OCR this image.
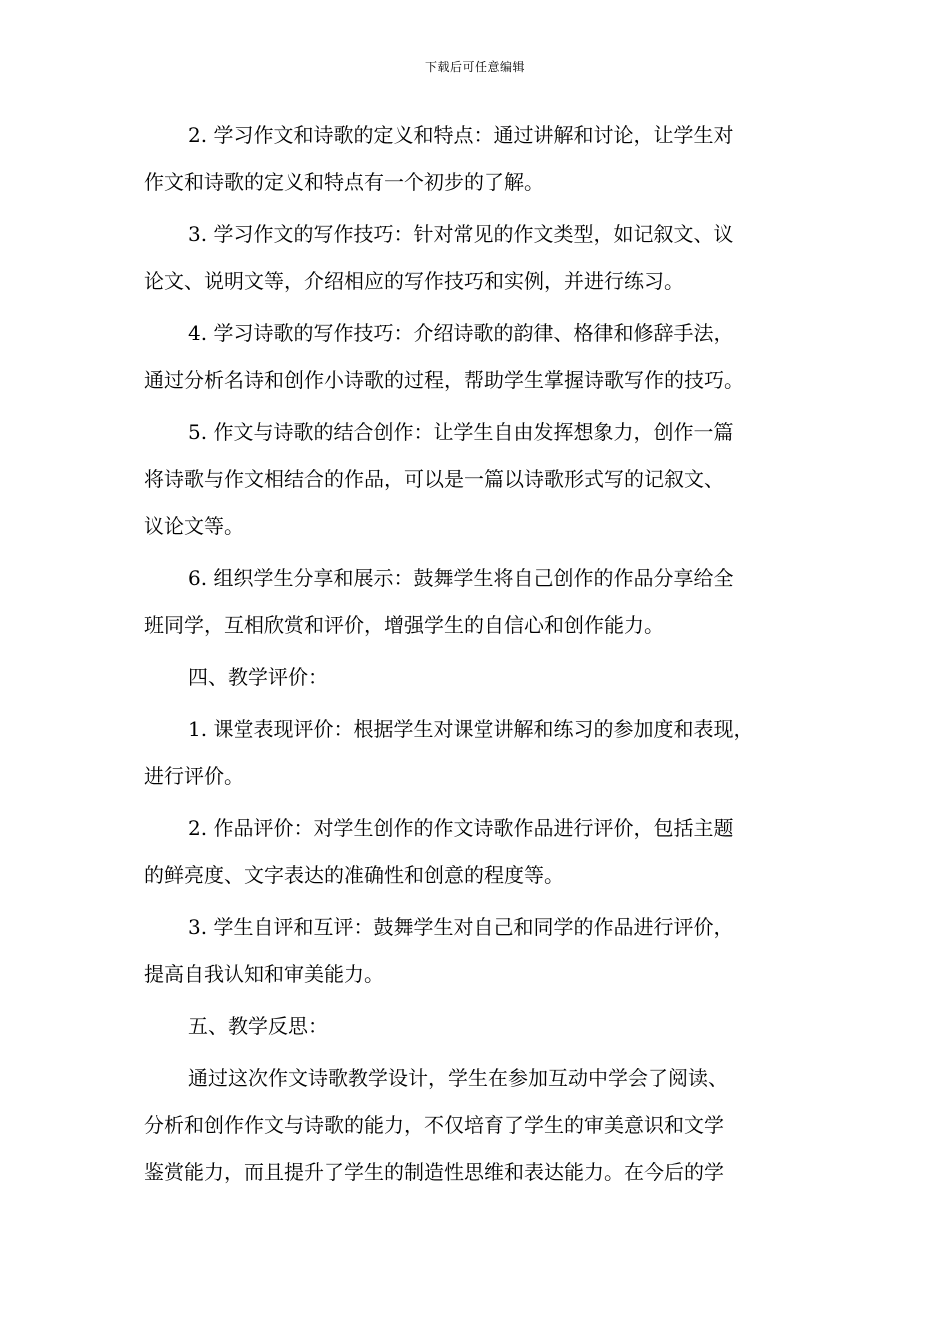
下载后可任意编辑

2. 学习作文和诗歌的定义和特点：通过讲解和讨论，让学生对
作文和诗歌的定义和特点有一个初步的了解。

3. 学习作文的写作技巧：针对常见的作文类型，如记叙文、议
论文、说明文等，介绍相应的写作技巧和实例，并进行练习。

4. 学习诗歌的写作技巧：介绍诗歌的韵律、格律和修辞手法，
通过分析名诗和创作小诗歌的过程，帮助学生掌握诗歌写作的技巧。

5. 作文与诗歌的结合创作：让学生自由发挥想象力，创作一篇
将诗歌与作文相结合的作品，可以是一篇以诗歌形式写的记叙文、
议论文等。

6. 组织学生分享和展示：鼓舞学生将自己创作的作品分享给全
班同学，互相欣赏和评价，增强学生的自信心和创作能力。

四、教学评价：

1. 课堂表现评价：根据学生对课堂讲解和练习的参加度和表现，
进行评价。

2. 作品评价：对学生创作的作文诗歌作品进行评价，包括主题
的鲜亮度、文字表达的准确性和创意的程度等。

3. 学生自评和互评：鼓舞学生对自己和同学的作品进行评价，
提高自我认知和审美能力。

五、教学反思：

通过这次作文诗歌教学设计，学生在参加互动中学会了阅读、
分析和创作作文与诗歌的能力，不仅培育了学生的审美意识和文学
鉴赏能力，而且提升了学生的制造性思维和表达能力。在今后的学
